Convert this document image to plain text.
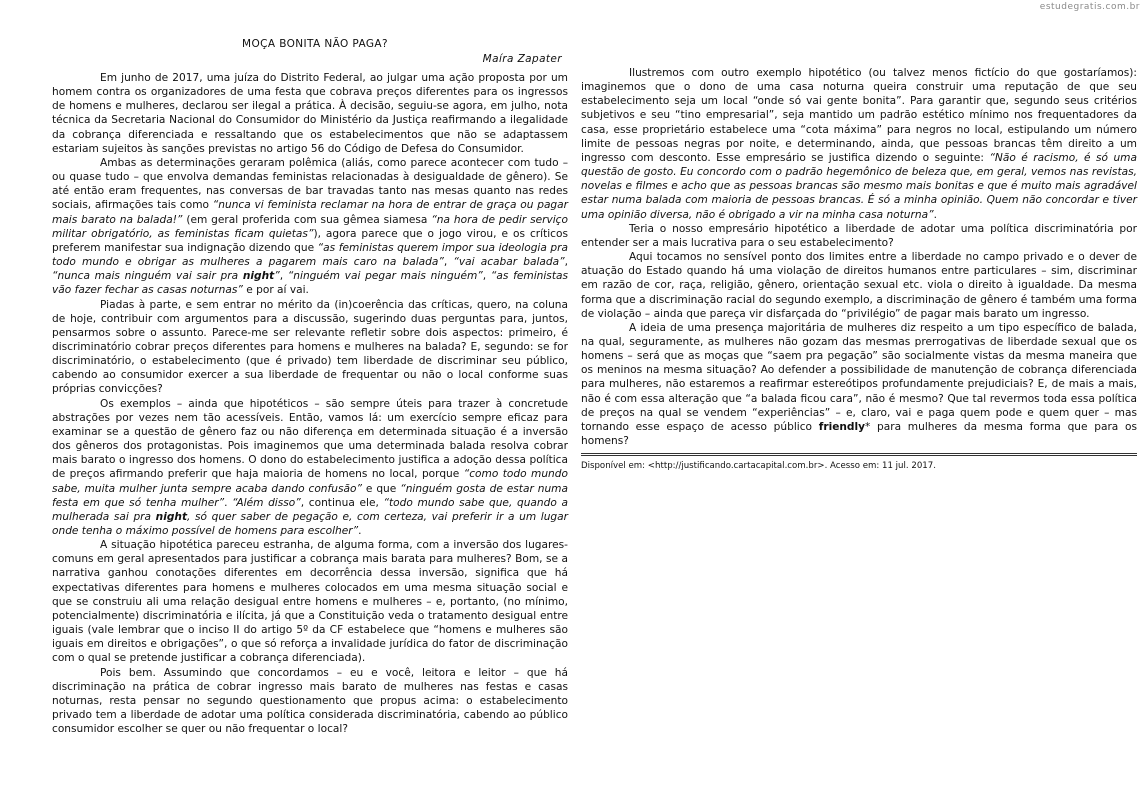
estudegratis.com.br
MOÇA BONITA NÃO PAGA?
Maíra Zapater

Em junho de 2017, uma juíza do Distrito Federal, ao julgar uma ação proposta por um homem contra os organizadores de uma festa que cobrava preços diferentes para os ingressos de homens e mulheres, declarou ser ilegal a prática. À decisão, seguiu-se agora, em julho, nota técnica da Secretaria Nacional do Consumidor do Ministério da Justiça reafirmando a ilegalidade da cobrança diferenciada e ressaltando que os estabelecimentos que não se adaptassem estariam sujeitos às sanções previstas no artigo 56 do Código de Defesa do Consumidor.

Ambas as determinações geraram polêmica (aliás, como parece acontecer com tudo – ou quase tudo – que envolva demandas feministas relacionadas à desigualdade de gênero). Se até então eram frequentes, nas conversas de bar travadas tanto nas mesas quanto nas redes sociais, afirmações tais como “nunca vi feminista reclamar na hora de entrar de graça ou pagar mais barato na balada!” (em geral proferida com sua gêmea siamesa “na hora de pedir serviço militar obrigatório, as feministas ficam quietas”), agora parece que o jogo virou, e os críticos preferem manifestar sua indignação dizendo que “as feministas querem impor sua ideologia pra todo mundo e obrigar as mulheres a pagarem mais caro na balada”, “vai acabar balada”, “nunca mais ninguém vai sair pra night”, “ninguém vai pegar mais ninguém”, “as feministas vão fazer fechar as casas noturnas” e por aí vai.

Piadas à parte, e sem entrar no mérito da (in)coerência das críticas, quero, na coluna de hoje, contribuir com argumentos para a discussão, sugerindo duas perguntas para, juntos, pensarmos sobre o assunto. Parece-me ser relevante refletir sobre dois aspectos: primeiro, é discriminatório cobrar preços diferentes para homens e mulheres na balada? E, segundo: se for discriminatório, o estabelecimento (que é privado) tem liberdade de discriminar seu público, cabendo ao consumidor exercer a sua liberdade de frequentar ou não o local conforme suas próprias convicções?

Os exemplos – ainda que hipotéticos – são sempre úteis para trazer à concretude abstrações por vezes nem tão acessíveis. Então, vamos lá: um exercício sempre eficaz para examinar se a questão de gênero faz ou não diferença em determinada situação é a inversão dos gêneros dos protagonistas. Pois imaginemos que uma determinada balada resolva cobrar mais barato o ingresso dos homens. O dono do estabelecimento justifica a adoção dessa política de preços afirmando preferir que haja maioria de homens no local, porque “como todo mundo sabe, muita mulher junta sempre acaba dando confusão” e que “ninguém gosta de estar numa festa em que só tenha mulher”. “Além disso”, continua ele, “todo mundo sabe que, quando a mulherada sai pra night, só quer saber de pegação e, com certeza, vai preferir ir a um lugar onde tenha o máximo possível de homens para escolher”.

A situação hipotética pareceu estranha, de alguma forma, com a inversão dos lugares-comuns em geral apresentados para justificar a cobrança mais barata para mulheres? Bom, se a narrativa ganhou conotações diferentes em decorrência dessa inversão, significa que há expectativas diferentes para homens e mulheres colocados em uma mesma situação social e que se construiu ali uma relação desigual entre homens e mulheres – e, portanto, (no mínimo, potencialmente) discriminatória e ilícita, já que a Constituição veda o tratamento desigual entre iguais (vale lembrar que o inciso II do artigo 5º da CF estabelece que “homens e mulheres são iguais em direitos e obrigações”, o que só reforça a invalidade jurídica do fator de discriminação com o qual se pretende justificar a cobrança diferenciada).

Pois bem. Assumindo que concordamos – eu e você, leitora e leitor – que há discriminação na prática de cobrar ingresso mais barato de mulheres nas festas e casas noturnas, resta pensar no segundo questionamento que propus acima: o estabelecimento privado tem a liberdade de adotar uma política considerada discriminatória, cabendo ao público consumidor escolher se quer ou não frequentar o local?

Ilustremos com outro exemplo hipotético (ou talvez menos fictício do que gostaríamos): imaginemos que o dono de uma casa noturna queira construir uma reputação de que seu estabelecimento seja um local “onde só vai gente bonita”. Para garantir que, segundo seus critérios subjetivos e seu “tino empresarial”, seja mantido um padrão estético mínimo nos frequentadores da casa, esse proprietário estabelece uma “cota máxima” para negros no local, estipulando um número limite de pessoas negras por noite, e determinando, ainda, que pessoas brancas têm direito a um ingresso com desconto. Esse empresário se justifica dizendo o seguinte: “Não é racismo, é só uma questão de gosto. Eu concordo com o padrão hegemônico de beleza que, em geral, vemos nas revistas, novelas e filmes e acho que as pessoas brancas são mesmo mais bonitas e que é muito mais agradável estar numa balada com maioria de pessoas brancas. É só a minha opinião. Quem não concordar e tiver uma opinião diversa, não é obrigado a vir na minha casa noturna”.

Teria o nosso empresário hipotético a liberdade de adotar uma política discriminatória por entender ser a mais lucrativa para o seu estabelecimento?

Aqui tocamos no sensível ponto dos limites entre a liberdade no campo privado e o dever de atuação do Estado quando há uma violação de direitos humanos entre particulares – sim, discriminar em razão de cor, raça, religião, gênero, orientação sexual etc. viola o direito à igualdade. Da mesma forma que a discriminação racial do segundo exemplo, a discriminação de gênero é também uma forma de violação – ainda que pareça vir disfarçada do “privilégio” de pagar mais barato um ingresso.

A ideia de uma presença majoritária de mulheres diz respeito a um tipo específico de balada, na qual, seguramente, as mulheres não gozam das mesmas prerrogativas de liberdade sexual que os homens – será que as moças que “saem pra pegação” são socialmente vistas da mesma maneira que os meninos na mesma situação? Ao defender a possibilidade de manutenção de cobrança diferenciada para mulheres, não estaremos a reafirmar estereótipos profundamente prejudiciais? E, de mais a mais, não é com essa alteração que “a balada ficou cara”, não é mesmo? Que tal revermos toda essa política de preços na qual se vendem “experiências” – e, claro, vai e paga quem pode e quem quer – mas tornando esse espaço de acesso público friendly* para mulheres da mesma forma que para os homens?

Disponível em: <http://justificando.cartacapital.com.br>. Acesso em: 11 jul. 2017.
